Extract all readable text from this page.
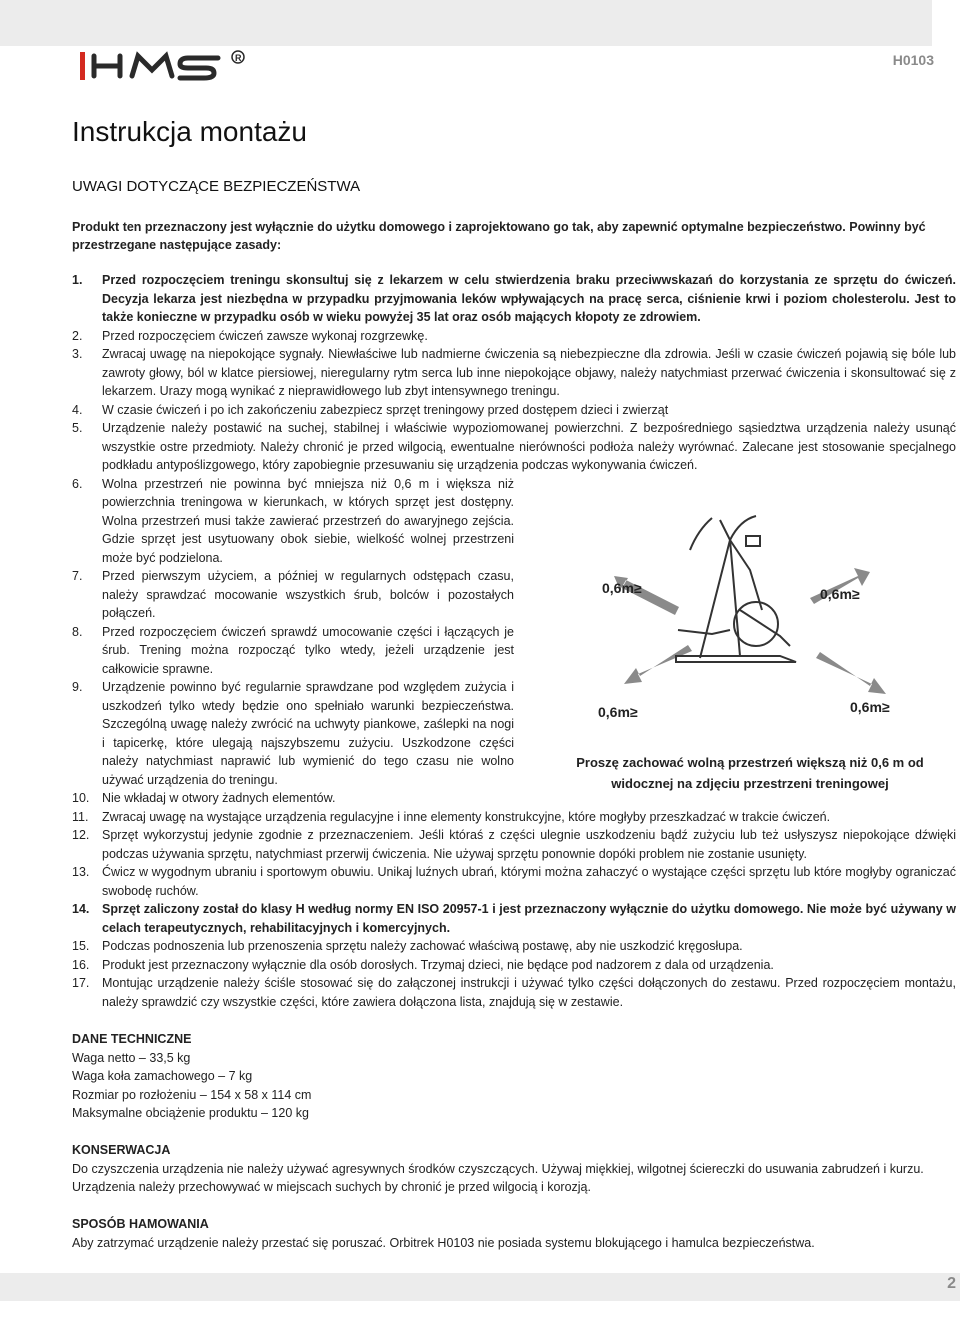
R	H0103
Instrukcja montażu
UWAGI DOTYCZĄCE BEZPIECZEŃSTWA

Produkt ten przeznaczony jest wyłącznie do użytku domowego i zaprojektowano go tak, aby zapewnić optymalne bezpieczeństwo. Powinny być przestrzegane następujące zasady:

1.	Przed rozpoczęciem treningu skonsultuj się z lekarzem w celu stwierdzenia braku przeciwwskazań do korzystania ze sprzętu do ćwiczeń. Decyzja lekarza jest niezbędna w przypadku przyjmowania leków wpływających na pracę serca, ciśnienie krwi i poziom cholesterolu. Jest to także konieczne w przypadku osób w wieku powyżej 35 lat oraz osób mających kłopoty ze zdrowiem.
2.	Przed rozpoczęciem ćwiczeń zawsze wykonaj rozgrzewkę.
3.	Zwracaj uwagę na niepokojące sygnały. Niewłaściwe lub nadmierne ćwiczenia są niebezpieczne dla zdrowia. Jeśli w czasie ćwiczeń pojawią się bóle lub zawroty głowy, ból w klatce piersiowej, nieregularny rytm serca lub inne niepokojące objawy, należy natychmiast przerwać ćwiczenia i skonsultować się z lekarzem. Urazy mogą wynikać z nieprawidłowego lub zbyt intensywnego treningu.
4.	W czasie ćwiczeń i po ich zakończeniu zabezpiecz sprzęt treningowy przed dostępem dzieci i zwierząt
5.	Urządzenie należy postawić na suchej, stabilnej i właściwie wypoziomowanej powierzchni. Z bezpośredniego sąsiedztwa urządzenia należy usunąć wszystkie ostre przedmioty. Należy chronić je przed wilgocią, ewentualne nierówności podłoża należy wyrównać. Zalecane jest stosowanie specjalnego podkładu antypoślizgowego, który zapobiegnie przesuwaniu się urządzenia podczas wykonywania ćwiczeń.
6.	Wolna przestrzeń nie powinna być mniejsza niż 0,6 m i większa niż powierzchnia treningowa w kierunkach, w których sprzęt jest dostępny. Wolna przestrzeń musi także zawierać przestrzeń do awaryjnego zejścia. Gdzie sprzęt jest usytuowany obok siebie, wielkość wolnej przestrzeni może być podzielona.
7.	Przed pierwszym użyciem, a później w regularnych odstępach czasu, należy sprawdzać mocowanie wszystkich śrub, bolców i pozostałych połączeń.
8.	Przed rozpoczęciem ćwiczeń sprawdź umocowanie części i łączących je śrub. Trening można rozpocząć tylko wtedy, jeżeli urządzenie jest całkowicie sprawne.
9.	Urządzenie powinno być regularnie sprawdzane pod względem zużycia i uszkodzeń tylko wtedy będzie ono spełniało warunki bezpieczeństwa. Szczególną uwagę należy zwrócić na uchwyty piankowe, zaślepki na nogi i tapicerkę, które ulegają najszybszemu zużyciu. Uszkodzone części należy natychmiast naprawić lub wymienić do tego czasu nie wolno używać urządzenia do treningu.
10.	Nie wkładaj w otwory żadnych elementów.
11.	Zwracaj uwagę na wystające urządzenia regulacyjne i inne elementy konstrukcyjne, które mogłyby przeszkadzać w trakcie ćwiczeń.
12.	Sprzęt wykorzystuj jedynie zgodnie z przeznaczeniem. Jeśli któraś z części ulegnie uszkodzeniu bądź zużyciu lub też usłyszysz niepokojące dźwięki podczas używania sprzętu, natychmiast przerwij ćwiczenia. Nie używaj sprzętu ponownie dopóki problem nie zostanie usunięty.
13.	Ćwicz w wygodnym ubraniu i sportowym obuwiu. Unikaj luźnych ubrań, którymi można zahaczyć o wystające części sprzętu lub które mogłyby ograniczać swobodę ruchów.
14.	Sprzęt zaliczony został do klasy H według normy EN ISO 20957-1 i jest przeznaczony wyłącznie do użytku domowego. Nie może być używany w celach terapeutycznych, rehabilitacyjnych i komercyjnych.
15.	Podczas podnoszenia lub przenoszenia sprzętu należy zachować właściwą postawę, aby nie uszkodzić kręgosłupa.
16.	Produkt jest przeznaczony wyłącznie dla osób dorosłych. Trzymaj dzieci, nie będące pod nadzorem z dala od urządzenia.
17.	Montując urządzenie należy ściśle stosować się do załączonej instrukcji i używać tylko części dołączonych do zestawu. Przed rozpoczęciem montażu, należy sprawdzić czy wszystkie części, które zawiera dołączona lista, znajdują się w zestawie.
0,6m≥	0,6m≥
0,6m≥	0,6m≥
Proszę zachować wolną przestrzeń większą niż 0,6 m od widocznej na zdjęciu przestrzeni treningowej
DANE TECHNICZNE

Waga netto – 33,5 kg

Waga koła zamachowego – 7 kg

Rozmiar po rozłożeniu – 154 x 58 x 114 cm

Maksymalne obciążenie produktu – 120 kg

KONSERWACJA

Do czyszczenia urządzenia nie należy używać agresywnych środków czyszczących. Używaj miękkiej, wilgotnej ściereczki do usuwania zabrudzeń i kurzu. Urządzenia należy przechowywać w miejscach suchych by chronić je przed wilgocią i korozją.

SPOSÓB HAMOWANIA

Aby zatrzymać urządzenie należy przestać się poruszać. Orbitrek H0103 nie posiada systemu blokującego i hamulca bezpieczeństwa.

2
